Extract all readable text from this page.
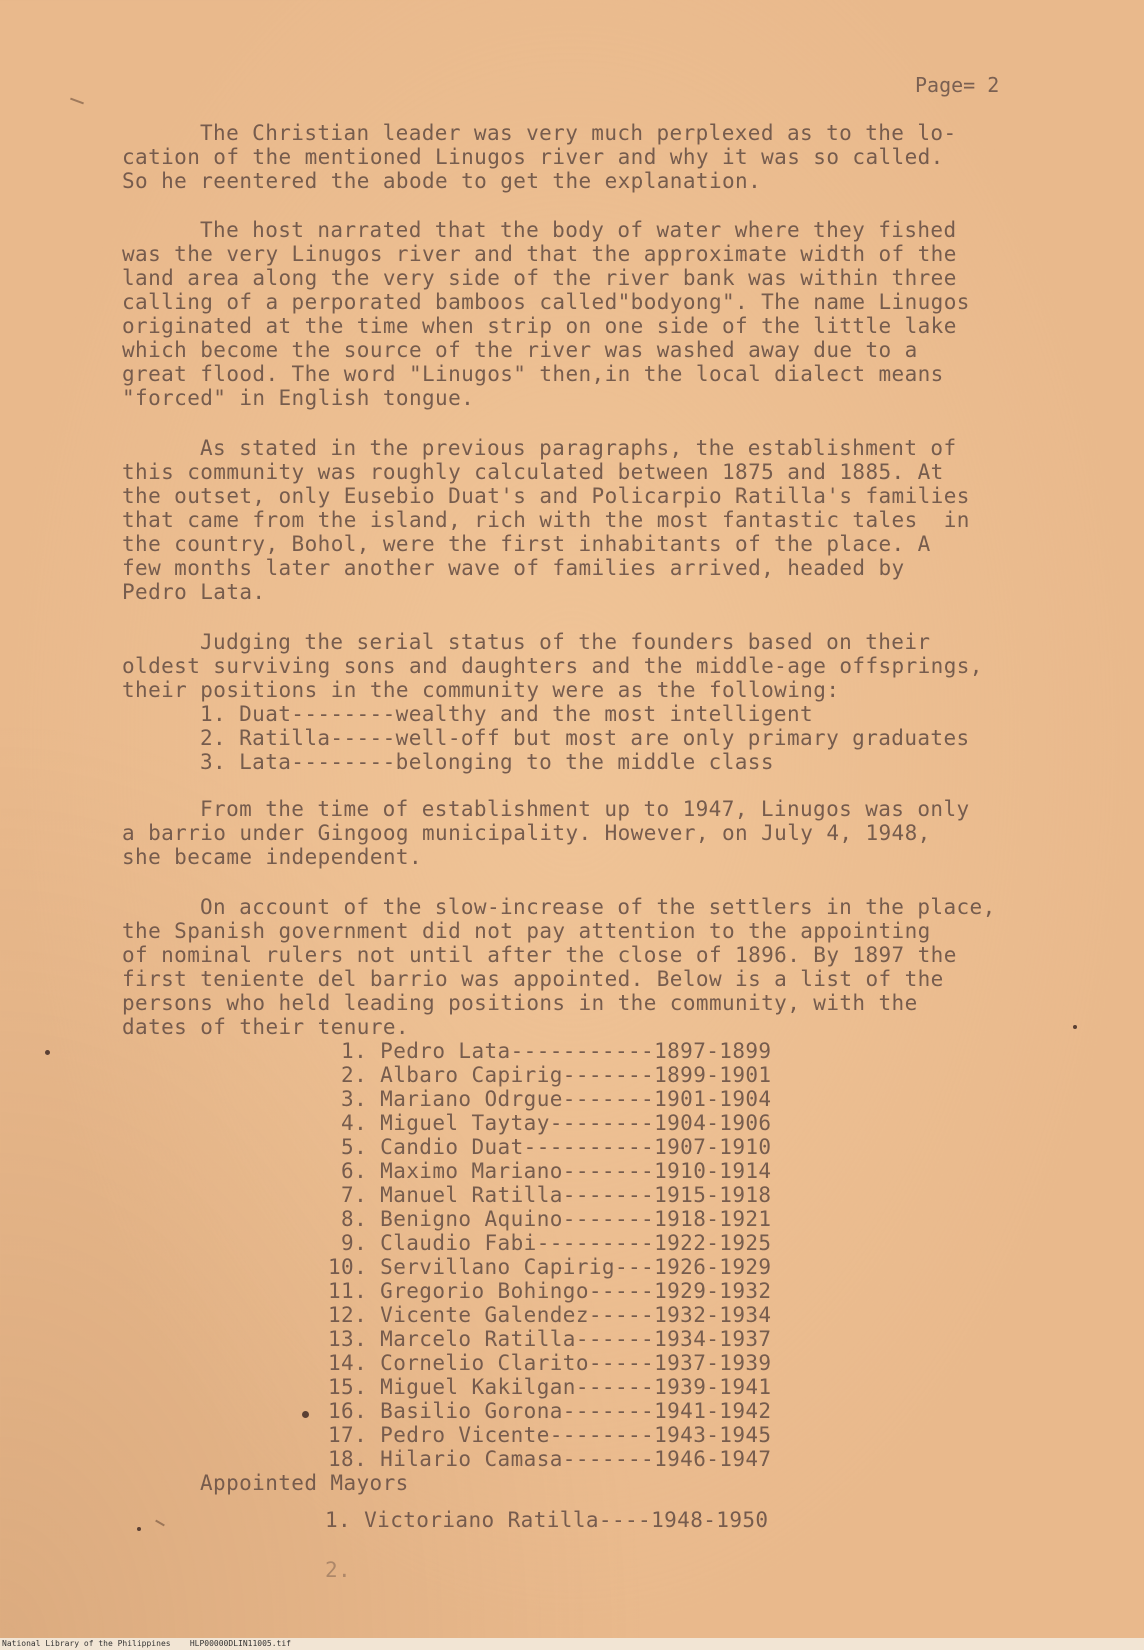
Page= 2
The Christian leader was very much perplexed as to the lo-
cation of the mentioned Linugos river and why it was so called.
So he reentered the abode to get the explanation.
The host narrated that the body of water where they fished
was the very Linugos river and that the approximate width of the
land area along the very side of the river bank was within three
calling of a perporated bamboos called"bodyong". The name Linugos
originated at the time when strip on one side of the little lake
which become the source of the river was washed away due to a
great flood. The word "Linugos" then,in the local dialect means
"forced" in English tongue.
As stated in the previous paragraphs, the establishment of
this community was roughly calculated between 1875 and 1885. At
the outset, only Eusebio Duat's and Policarpio Ratilla's families
that came from the island, rich with the most fantastic tales  in
the country, Bohol, were the first inhabitants of the place. A
few months later another wave of families arrived, headed by
Pedro Lata.
Judging the serial status of the founders based on their
oldest surviving sons and daughters and the middle-age offsprings,
their positions in the community were as the following:
1. Duat--------wealthy and the most intelligent
2. Ratilla-----well-off but most are only primary graduates
3. Lata--------belonging to the middle class
From the time of establishment up to 1947, Linugos was only
a barrio under Gingoog municipality. However, on July 4, 1948,
she became independent.
On account of the slow-increase of the settlers in the place,
the Spanish government did not pay attention to the appointing
of nominal rulers not until after the close of 1896. By 1897 the
first teniente del barrio was appointed. Below is a list of the
persons who held leading positions in the community, with the
dates of their tenure.
1. Pedro Lata-----------1897-1899
2. Albaro Capirig-------1899-1901
3. Mariano Odrgue-------1901-1904
4. Miguel Taytay--------1904-1906
5. Candio Duat----------1907-1910
6. Maximo Mariano-------1910-1914
7. Manuel Ratilla-------1915-1918
8. Benigno Aquino-------1918-1921
9. Claudio Fabi---------1922-1925
10. Servillano Capirig---1926-1929
11. Gregorio Bohingo-----1929-1932
12. Vicente Galendez-----1932-1934
13. Marcelo Ratilla------1934-1937
14. Cornelio Clarito-----1937-1939
15. Miguel Kakilgan------1939-1941
16. Basilio Gorona-------1941-1942
17. Pedro Vicente--------1943-1945
18. Hilario Camasa-------1946-1947
Appointed Mayors
1. Victoriano Ratilla----1948-1950
2.
National Library of the Philippines    HLP00000DLIN11005.tif
